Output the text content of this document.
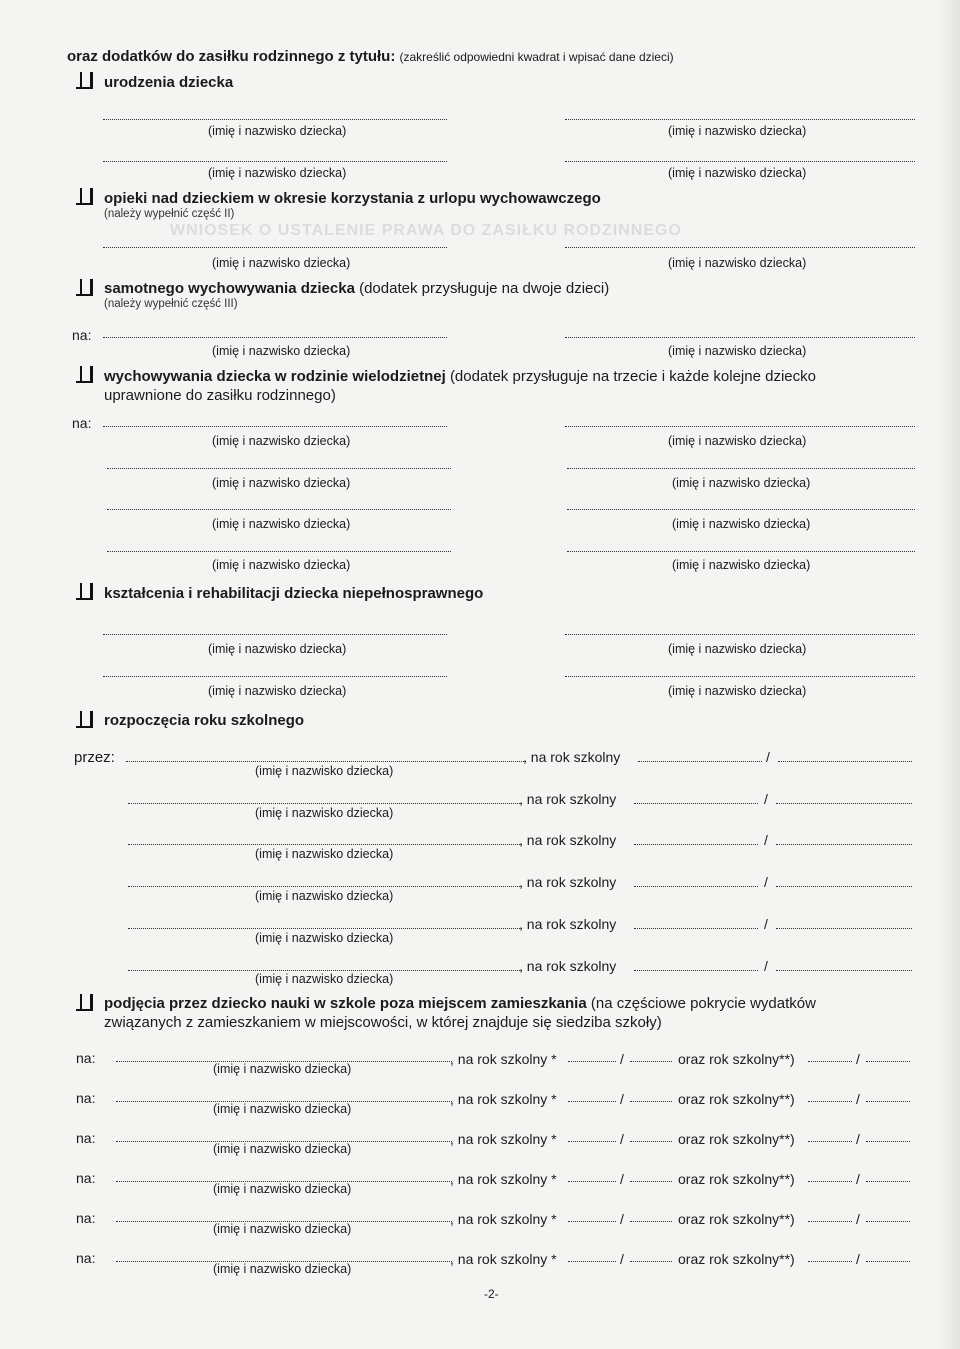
WNIOSEK O USTALENIE PRAWA DO ZASIŁKU RODZINNEGO
oraz dodatków do zasiłku rodzinnego z tytułu: (zakreślić odpowiedni kwadrat i wpisać dane dzieci)
urodzenia dziecka
(imię i nazwisko dziecka)	(imię i nazwisko dziecka)
(imię i nazwisko dziecka)	(imię i nazwisko dziecka)
opieki nad dzieckiem w okresie korzystania z urlopu wychowawczego
(należy wypełnić część II)
(imię i nazwisko dziecka)	(imię i nazwisko dziecka)
samotnego wychowywania dziecka (dodatek przysługuje na dwoje dzieci)
(należy wypełnić część III)
na:
(imię i nazwisko dziecka)	(imię i nazwisko dziecka)
wychowywania dziecka w rodzinie wielodzietnej (dodatek przysługuje na trzecie i każde kolejne dziecko
uprawnione do zasiłku rodzinnego)
na:
(imię i nazwisko dziecka)	(imię i nazwisko dziecka)
(imię i nazwisko dziecka)	(imię i nazwisko dziecka)
(imię i nazwisko dziecka)	(imię i nazwisko dziecka)
(imię i nazwisko dziecka)	(imię i nazwisko dziecka)
kształcenia i rehabilitacji dziecka niepełnosprawnego
(imię i nazwisko dziecka)	(imię i nazwisko dziecka)
(imię i nazwisko dziecka)	(imię i nazwisko dziecka)
rozpoczęcia roku szkolnego
przez:	, na rok szkolny	/
(imię i nazwisko dziecka)
, na rok szkolny	/
(imię i nazwisko dziecka)
, na rok szkolny	/
(imię i nazwisko dziecka)
, na rok szkolny	/
(imię i nazwisko dziecka)
, na rok szkolny	/
(imię i nazwisko dziecka)
, na rok szkolny	/
(imię i nazwisko dziecka)
podjęcia przez dziecko nauki w szkole poza miejscem zamieszkania (na częściowe pokrycie wydatków
związanych z zamieszkaniem w miejscowości, w której znajduje się siedziba szkoły)
na:	, na rok szkolny *	/	oraz rok szkolny**)	/
(imię i nazwisko dziecka)
na:	, na rok szkolny *	/	oraz rok szkolny**)	/
(imię i nazwisko dziecka)
na:	, na rok szkolny *	/	oraz rok szkolny**)	/
(imię i nazwisko dziecka)
na:	, na rok szkolny *	/	oraz rok szkolny**)	/
(imię i nazwisko dziecka)
na:	, na rok szkolny *	/	oraz rok szkolny**)	/
(imię i nazwisko dziecka)
na:	, na rok szkolny *	/	oraz rok szkolny**)	/
(imię i nazwisko dziecka)
-2-
